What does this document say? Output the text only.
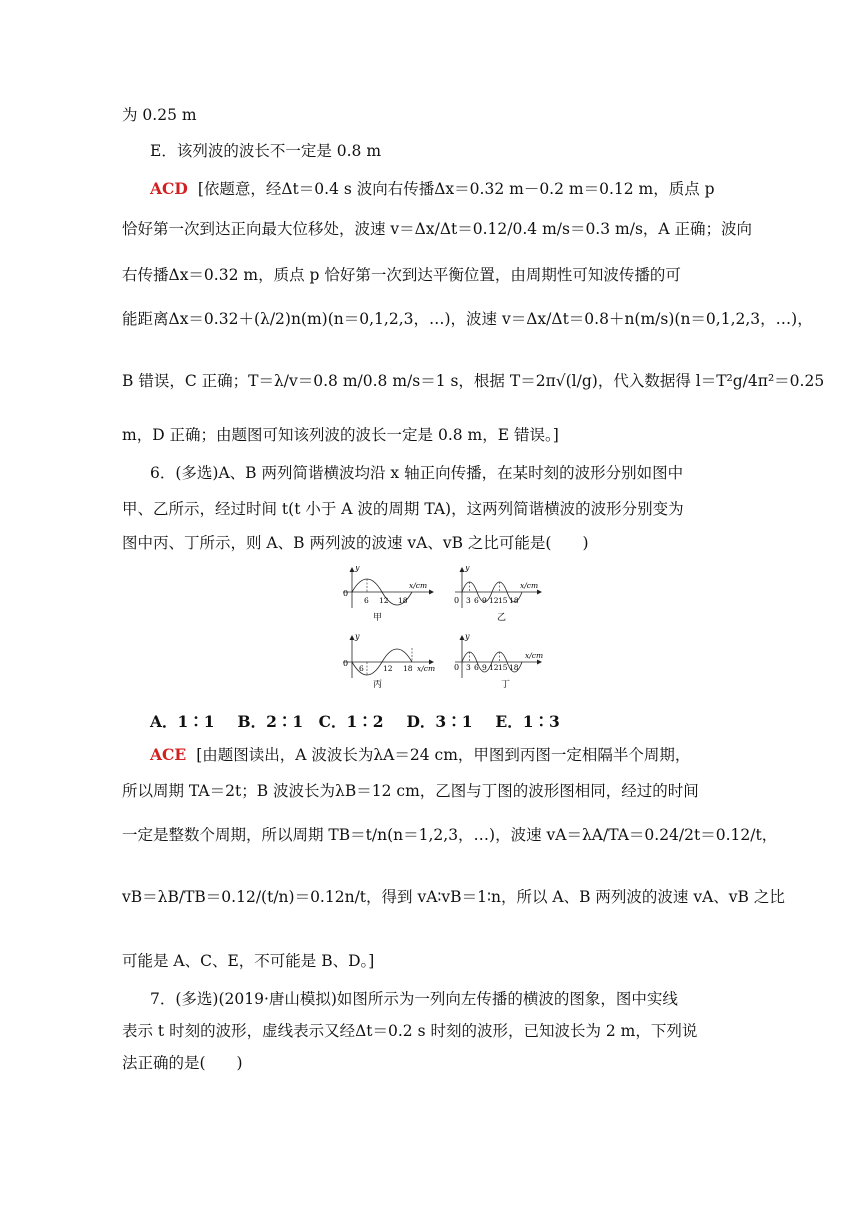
为 0.25 m
E．该列波的波长不一定是 0.8 m
ACD [依题意，经Δt＝0.4 s 波向右传播Δx＝0.32 m－0.2 m＝0.12 m，质点 p
恰好第一次到达正向最大位移处，波速 v＝Δx/Δt＝0.12/0.4 m/s＝0.3 m/s，A 正确；波向
右传播Δx＝0.32 m，质点 p 恰好第一次到达平衡位置，由周期性可知波传播的可
能距离Δx＝0.32＋(λ/2)n(m)(n＝0,1,2,3，…)，波速 v＝Δx/Δt＝0.8＋n(m/s)(n＝0,1,2,3，…)，
B 错误，C 正确；T＝λ/v＝0.8 m/0.8 m/s＝1 s，根据 T＝2π√(l/g)，代入数据得 l＝T²g/4π²＝0.25
m，D 正确；由题图可知该列波的波长一定是 0.8 m，E 错误。]
6．(多选)A、B 两列简谐横波均沿 x 轴正向传播，在某时刻的波形分别如图中
甲、乙所示，经过时间 t(t 小于 A 波的周期 TA)，这两列简谐横波的波形分别变为
图中丙、丁所示，则 A、B 两列波的波速 vA、vB 之比可能是(　　)
y
0
6 12 18
x/cm
甲
y
0 3 6 9 12 15 18
x/cm
乙
y
0
6	12 18 x/cm
丙
y
0 3 6 9 12 15 18
x/cm
丁
A．1∶1　 B．2∶1　C．1∶2　 D．3∶1　 E．1∶3
ACE [由题图读出，A 波波长为λA＝24 cm，甲图到丙图一定相隔半个周期，
所以周期 TA＝2t；B 波波长为λB＝12 cm，乙图与丁图的波形图相同，经过的时间
一定是整数个周期，所以周期 TB＝t/n(n＝1,2,3，…)，波速 vA＝λA/TA＝0.24/2t＝0.12/t，
vB＝λB/TB＝0.12/(t/n)＝0.12n/t，得到 vA∶vB＝1∶n，所以 A、B 两列波的波速 vA、vB 之比
可能是 A、C、E，不可能是 B、D。]
7．(多选)(2019·唐山模拟)如图所示为一列向左传播的横波的图象，图中实线
表示 t 时刻的波形，虚线表示又经Δt＝0.2 s 时刻的波形，已知波长为 2 m，下列说
法正确的是(　　)
